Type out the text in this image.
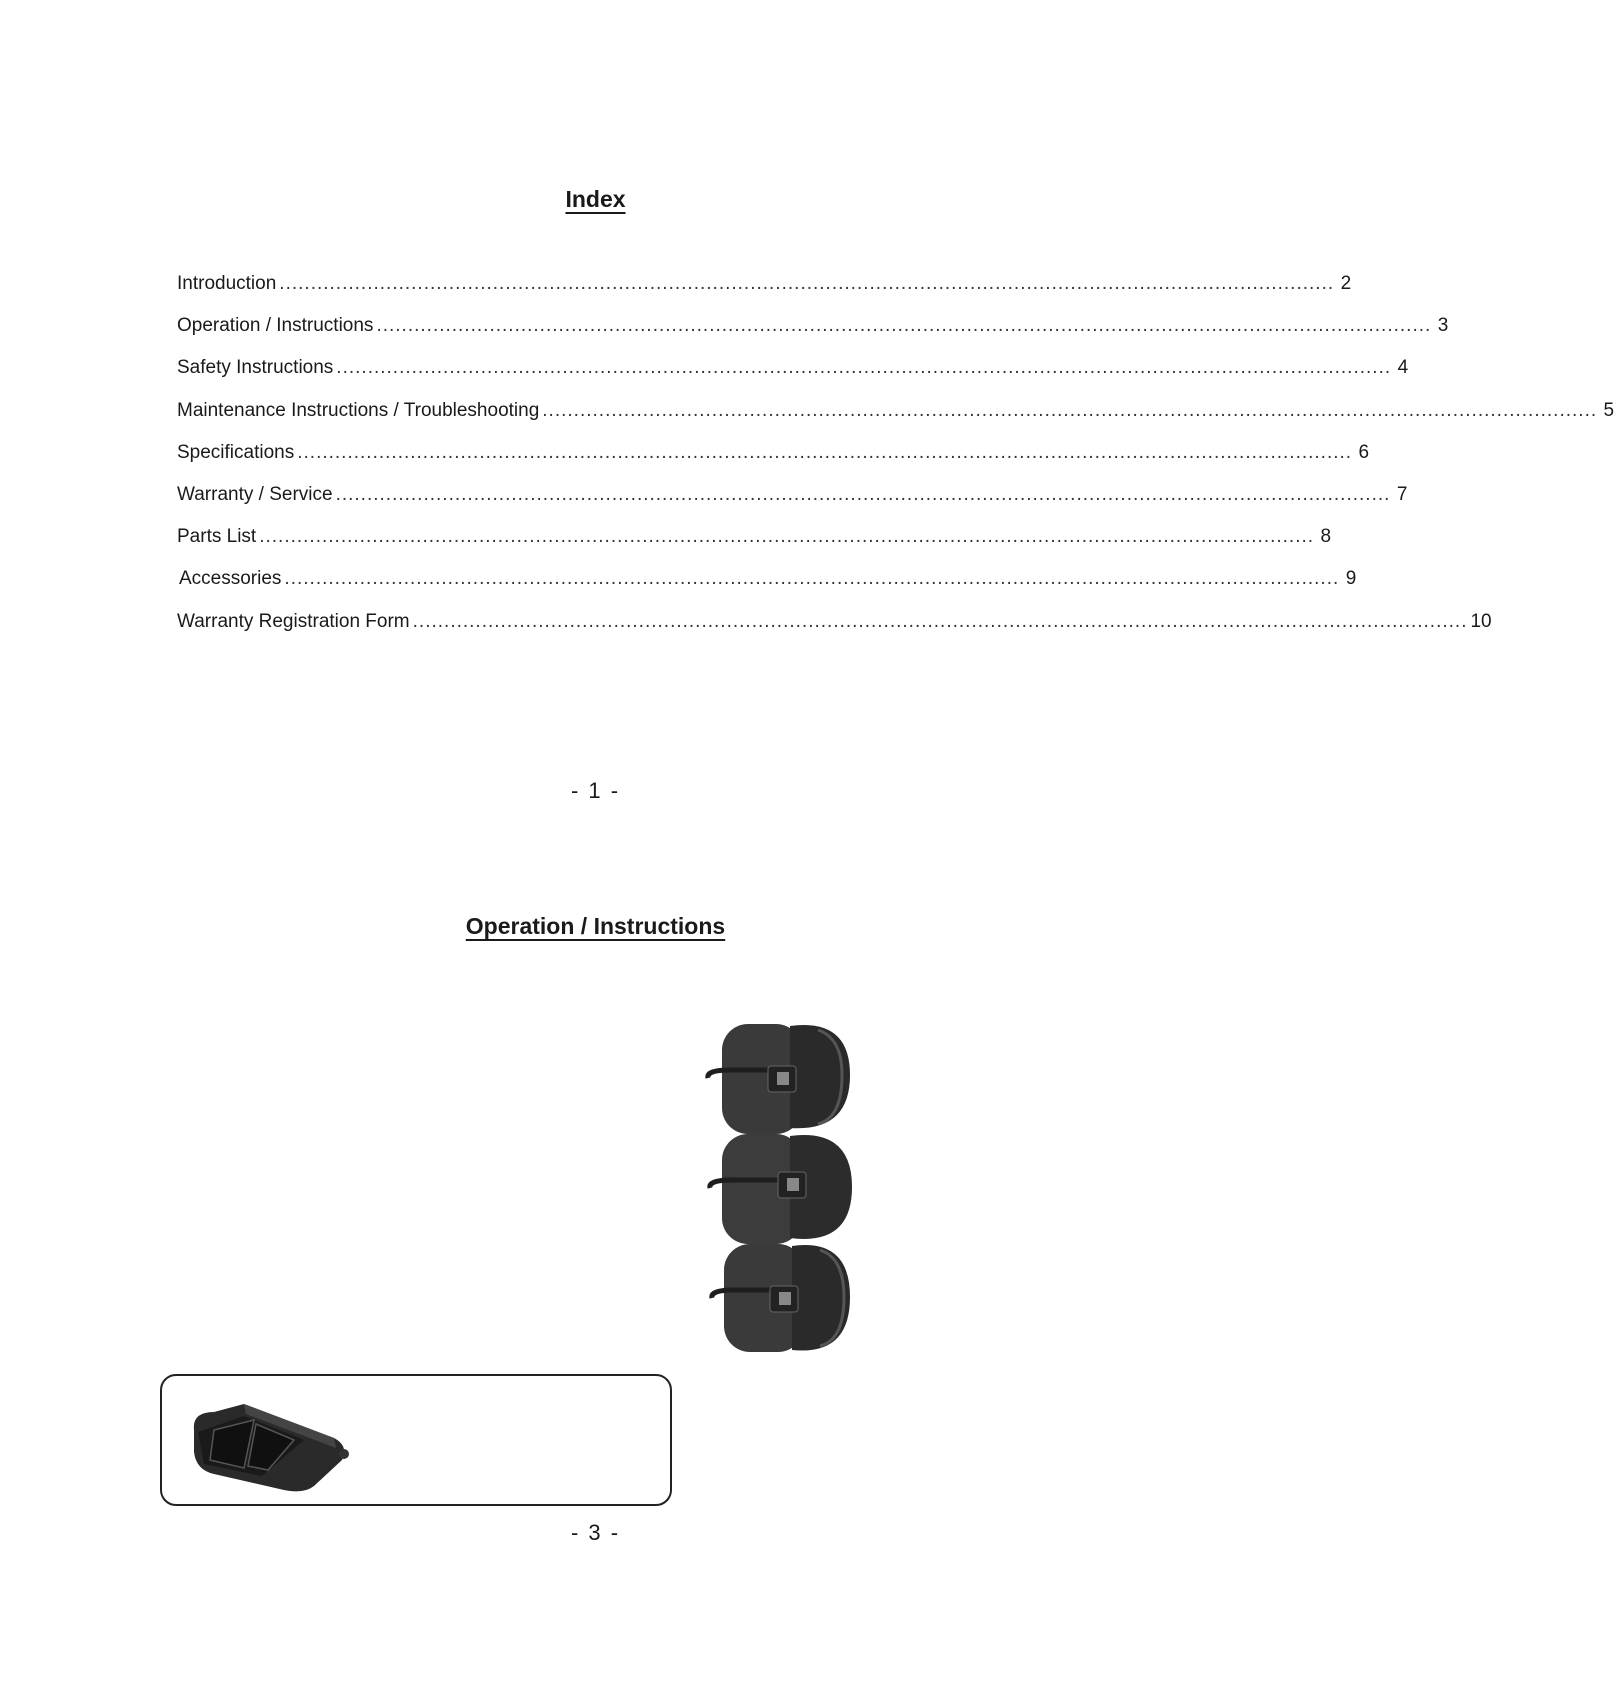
Index
Introduction ........................................................................................................................................................................ 2
Operation / Instructions ........................................................................................................................................................................ 3
Safety Instructions ........................................................................................................................................................................ 4
Maintenance Instructions / Troubleshooting ........................................................................................................................................................................ 5
Specifications ........................................................................................................................................................................ 6
Warranty / Service ........................................................................................................................................................................ 7
Parts List ........................................................................................................................................................................ 8
Accessories ........................................................................................................................................................................ 9
Warranty Registration Form ........................................................................................................................................................................ 10
- 1 -
Operation / Instructions
- 3 -
